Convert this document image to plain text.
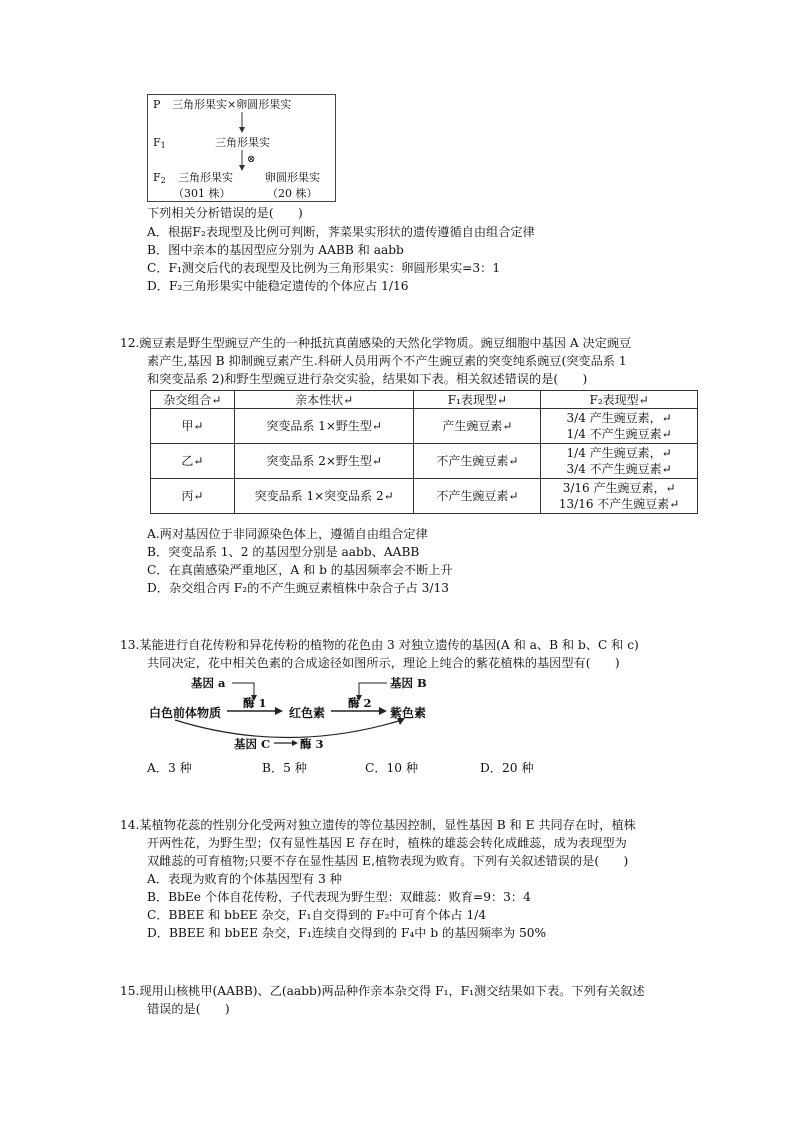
P 三角形果实×卵圆形果实
$F_1$	三角形果实
⊗
$F_2$ 三角形果实	卵圆形果实
（301 株）	（20 株）
下列相关分析错误的是(　　)
A．根据F₂表现型及比例可判断，荠菜果实形状的遗传遵循自由组合定律
B．图中亲本的基因型应分别为 AABB 和 aabb
C．F₁测交后代的表现型及比例为三角形果实：卵圆形果实=3：1
D．F₂三角形果实中能稳定遗传的个体应占 1/16
12.豌豆素是野生型豌豆产生的一种抵抗真菌感染的天然化学物质。豌豆细胞中基因 A 决定豌豆
素产生,基因 B 抑制豌豆素产生.科研人员用两个不产生豌豆素的突变纯系豌豆(突变品系 1
和突变品系 2)和野生型豌豆进行杂交实验，结果如下表。相关叙述错误的是(　　)
杂交组合↵	亲本性状↵	F₁表现型↵	F₂表现型↵
甲↵	突变品系 1×野生型↵	产生豌豆素↵	3/4 产生豌豆素，↵
1/4 不产生豌豆素↵

乙↵	突变品系 2×野生型↵	不产生豌豆素↵	1/4 产生豌豆素，↵
3/4 不产生豌豆素↵

丙↵	突变品系 1×突变品系 2↵	不产生豌豆素↵	3/16 产生豌豆素，↵
13/16 不产生豌豆素↵
A.两对基因位于非同源染色体上，遵循自由组合定律
B．突变品系 1、2 的基因型分别是 aabb、AABB
C．在真菌感染严重地区，A 和 b 的基因频率会不断上升
D．杂交组合丙 F₂的不产生豌豆素植株中杂合子占 3/13
13.某能进行自花传粉和异花传粉的植物的花色由 3 对独立遗传的基因(A 和 a、B 和 b、C 和 c)
共同决定，花中相关色素的合成途径如图所示，理论上纯合的紫花植株的基因型有(　　)
基因 a	基因 B
酶 1	酶 2
白色前体物质	红色素	紫色素
基因 C	酶 3
A．3 种	B．5 种	C．10 种	D．20 种
14.某植物花蕊的性别分化受两对独立遗传的等位基因控制，显性基因 B 和 E 共同存在时，植株
开两性花，为野生型；仅有显性基因 E 存在时，植株的雄蕊会转化成雌蕊，成为表现型为
双雌蕊的可育植物;只要不存在显性基因 E,植物表现为败育。下列有关叙述错误的是(　　)
A．表现为败育的个体基因型有 3 种
B．BbEe 个体自花传粉，子代表现为野生型：双雌蕊：败育=9：3：4
C．BBEE 和 bbEE 杂交，F₁自交得到的 F₂中可育个体占 1/4
D．BBEE 和 bbEE 杂交，F₁连续自交得到的 F₄中 b 的基因频率为 50%
15.现用山核桃甲(AABB)、乙(aabb)两品种作亲本杂交得 F₁，F₁测交结果如下表。下列有关叙述
错误的是(　　)
